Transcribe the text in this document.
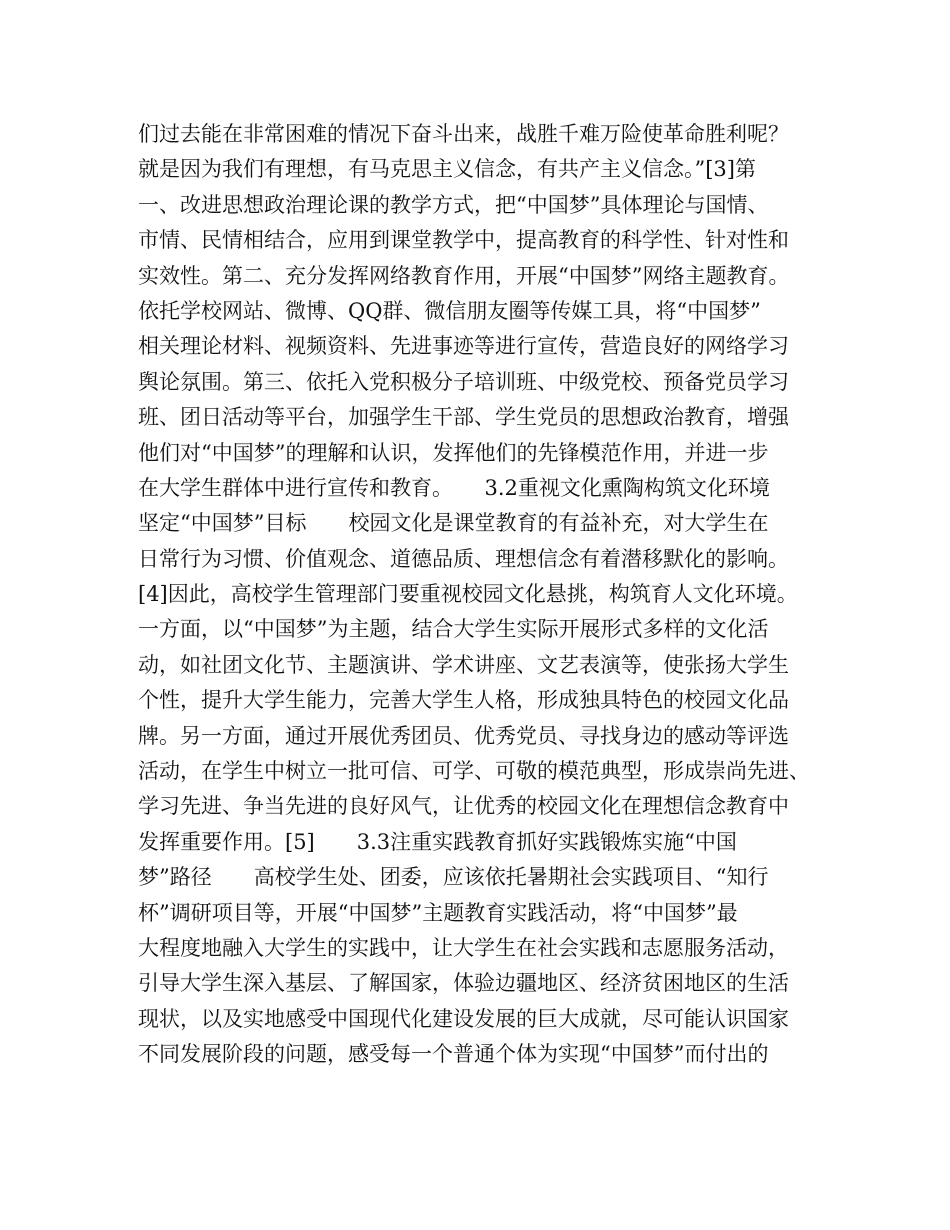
们过去能在非常困难的情况下奋斗出来，战胜千难万险使革命胜利呢？
就是因为我们有理想，有马克思主义信念，有共产主义信念。”[3]第
一、改进思想政治理论课的教学方式，把“中国梦”具体理论与国情、
市情、民情相结合，应用到课堂教学中，提高教育的科学性、针对性和
实效性。第二、充分发挥网络教育作用，开展“中国梦”网络主题教育。
依托学校网站、微博、QQ群、微信朋友圈等传媒工具，将“中国梦”
相关理论材料、视频资料、先进事迹等进行宣传，营造良好的网络学习
舆论氛围。第三、依托入党积极分子培训班、中级党校、预备党员学习
班、团日活动等平台，加强学生干部、学生党员的思想政治教育，增强
他们对“中国梦”的理解和认识，发挥他们的先锋模范作用，并进一步
在大学生群体中进行宣传和教育。　　3.2重视文化熏陶构筑文化环境
坚定“中国梦”目标　　校园文化是课堂教育的有益补充，对大学生在
日常行为习惯、价值观念、道德品质、理想信念有着潜移默化的影响。
[4]因此，高校学生管理部门要重视校园文化悬挑，构筑育人文化环境。
一方面，以“中国梦”为主题，结合大学生实际开展形式多样的文化活
动，如社团文化节、主题演讲、学术讲座、文艺表演等，使张扬大学生
个性，提升大学生能力，完善大学生人格，形成独具特色的校园文化品
牌。另一方面，通过开展优秀团员、优秀党员、寻找身边的感动等评选
活动，在学生中树立一批可信、可学、可敬的模范典型，形成崇尚先进、
学习先进、争当先进的良好风气，让优秀的校园文化在理想信念教育中
发挥重要作用。[5]　　3.3注重实践教育抓好实践锻炼实施“中国
梦”路径　　高校学生处、团委，应该依托暑期社会实践项目、“知行
杯”调研项目等，开展“中国梦”主题教育实践活动，将“中国梦”最
大程度地融入大学生的实践中，让大学生在社会实践和志愿服务活动，
引导大学生深入基层、了解国家，体验边疆地区、经济贫困地区的生活
现状，以及实地感受中国现代化建设发展的巨大成就，尽可能认识国家
不同发展阶段的问题，感受每一个普通个体为实现“中国梦”而付出的
